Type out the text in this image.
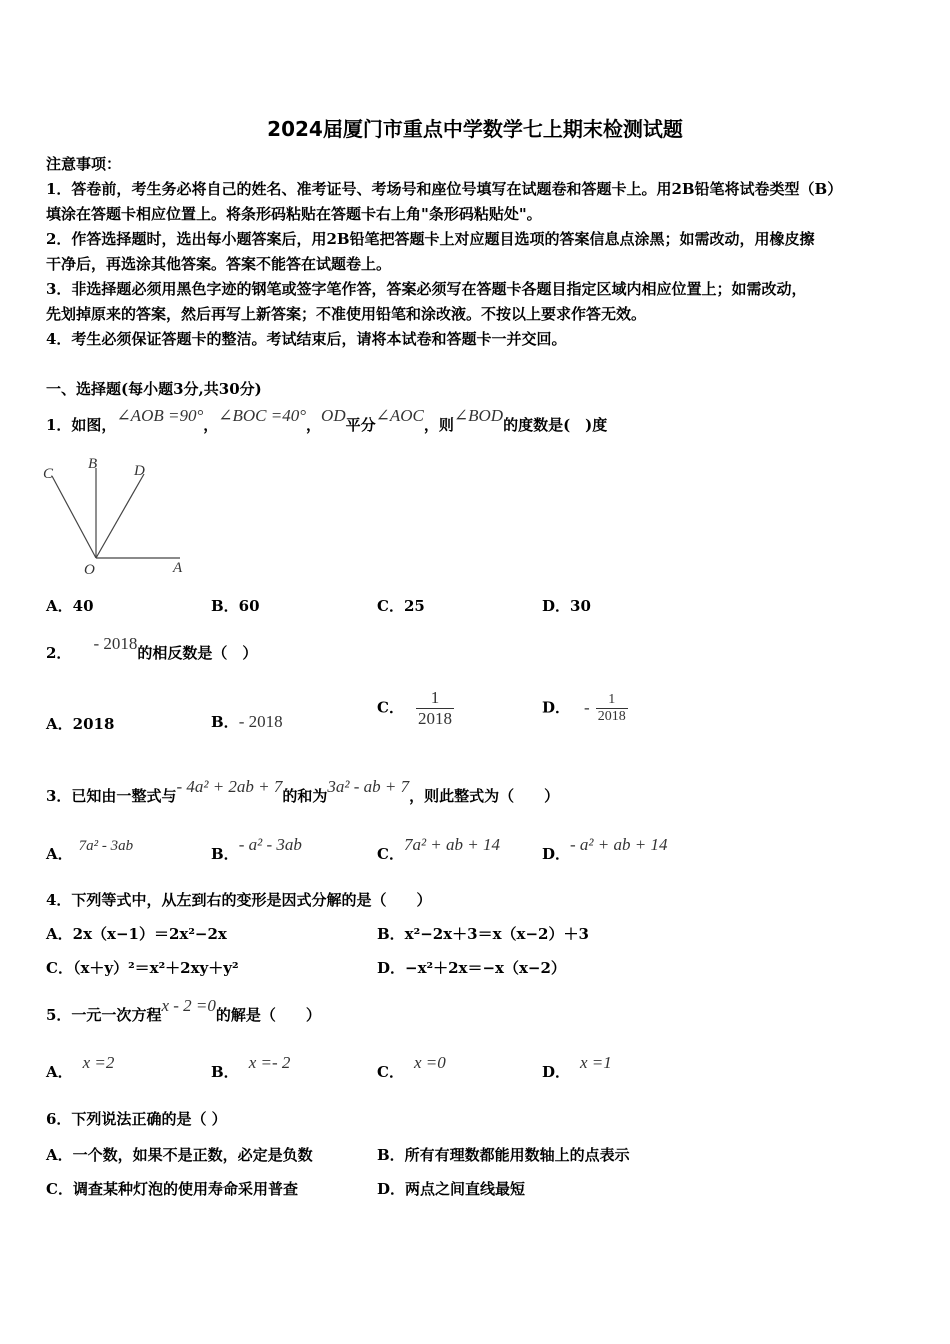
2024届厦门市重点中学数学七上期末检测试题
注意事项：
1．答卷前，考生务必将自己的姓名、准考证号、考场号和座位号填写在试题卷和答题卡上。用2B铅笔将试卷类型（B）
填涂在答题卡相应位置上。将条形码粘贴在答题卡右上角"条形码粘贴处"。
2．作答选择题时，选出每小题答案后，用2B铅笔把答题卡上对应题目选项的答案信息点涂黑；如需改动，用橡皮擦
干净后，再选涂其他答案。答案不能答在试题卷上。
3．非选择题必须用黑色字迹的钢笔或签字笔作答，答案必须写在答题卡各题目指定区域内相应位置上；如需改动，
先划掉原来的答案，然后再写上新答案；不准使用铅笔和涂改液。不按以上要求作答无效。
4．考生必须保证答题卡的整洁。考试结束后，请将本试卷和答题卡一并交回。
一、选择题(每小题3分,共30分)
1．如图，∠AOB =90°，∠BOC =40°，OD平分∠AOC，则∠BOD的度数是(　)度
C
B D
O	A
A．40	B．60	C．25	D．30
2． - 2018的相反数是（　）
A．2018	B．- 2018
C． $\frac{1}{2018}$	D． - $\frac{1}{2018}$
3．已知由一整式与- 4a² + 2ab + 7的和为3a² - ab + 7，则此整式为（　　）
A． 7a² - 3ab	B．- a² - 3ab	C．7a² + ab + 14	D．- a² + ab + 14
4．下列等式中，从左到右的变形是因式分解的是（　　）
A．2x（x−1）＝2x²−2x	B．x²−2x＋3＝x（x−2）＋3
C．（x＋y）²＝x²＋2xy＋y²	D．−x²＋2x＝−x（x−2）
5．一元一次方程x - 2 =0的解是（　　）
A． x =2	B． x =- 2	C． x =0	D． x =1
6．下列说法正确的是（ ）
A．一个数，如果不是正数，必定是负数	B．所有有理数都能用数轴上的点表示
C．调查某种灯泡的使用寿命采用普查	D．两点之间直线最短
